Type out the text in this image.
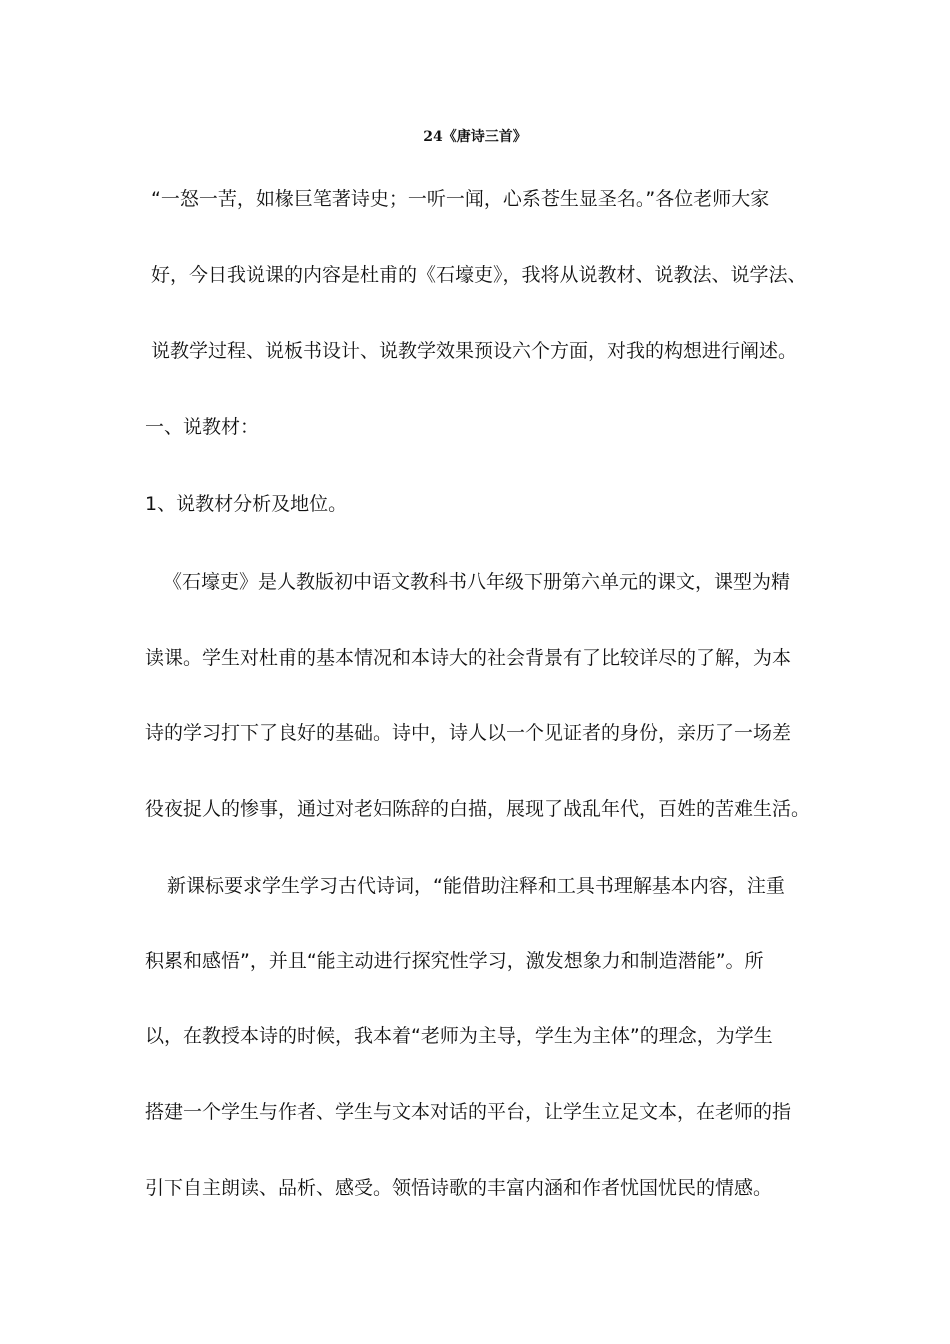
24《唐诗三首》
“一怒一苦，如椽巨笔著诗史；一听一闻，心系苍生显圣名。”各位老师大家
好，今日我说课的内容是杜甫的《石壕吏》，我将从说教材、说教法、说学法、
说教学过程、说板书设计、说教学效果预设六个方面，对我的构想进行阐述。
一、说教材：
1、说教材分析及地位。
《石壕吏》是人教版初中语文教科书八年级下册第六单元的课文，课型为精
读课。学生对杜甫的基本情况和本诗大的社会背景有了比较详尽的了解，为本
诗的学习打下了良好的基础。诗中，诗人以一个见证者的身份，亲历了一场差
役夜捉人的惨事，通过对老妇陈辞的白描，展现了战乱年代，百姓的苦难生活。
新课标要求学生学习古代诗词，“能借助注释和工具书理解基本内容，注重
积累和感悟”，并且“能主动进行探究性学习，激发想象力和制造潜能”。所
以，在教授本诗的时候，我本着“老师为主导，学生为主体”的理念，为学生
搭建一个学生与作者、学生与文本对话的平台，让学生立足文本，在老师的指
引下自主朗读、品析、感受。领悟诗歌的丰富内涵和作者忧国忧民的情感。
